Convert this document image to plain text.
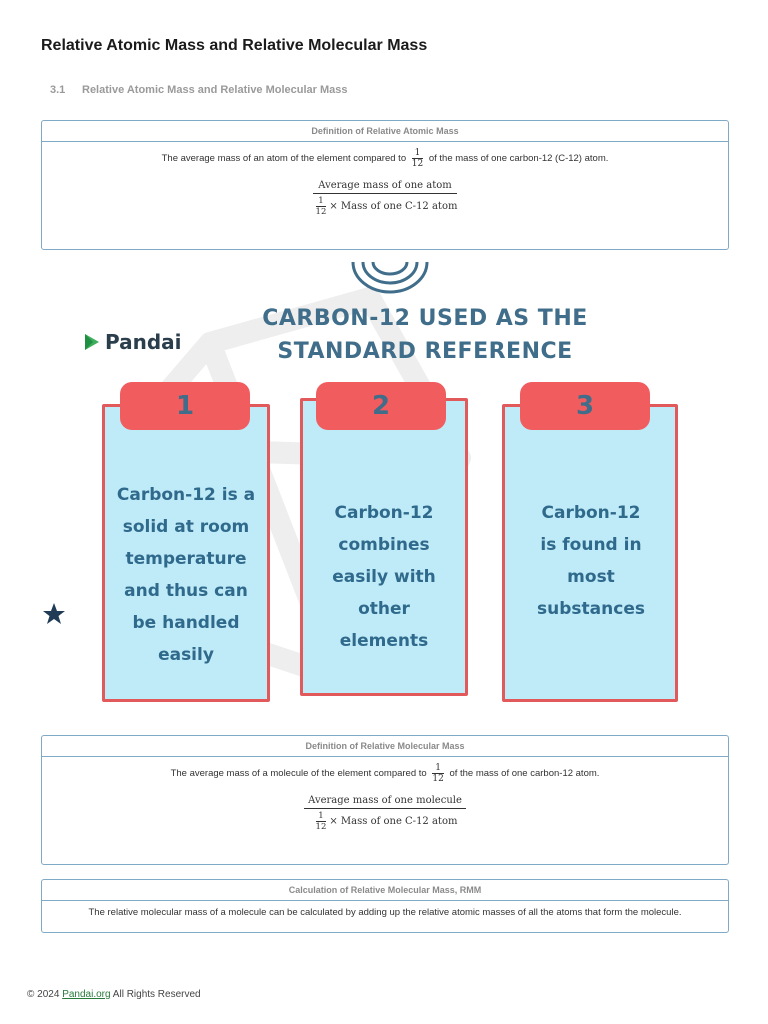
Relative Atomic Mass and Relative Molecular Mass
3.1 Relative Atomic Mass and Relative Molecular Mass
Definition of Relative Atomic Mass
The average mass of an atom of the element compared to $\frac{1}{12}$ of the mass of one carbon-12 (C-12) atom.
$\frac{\text{Average mass of one atom}}{\frac{1}{12} \times Mass of one C-12 atom}$
CARBON-12 USED AS THE STANDARD REFERENCE
Pandai
Carbon-12 is a solid at room temperature and thus can be handled easily
1
Carbon-12 combines easily with other elements
2
Carbon-12 is found in most substances
3
Definition of Relative Molecular Mass
The average mass of a molecule of the element compared to $\frac{1}{12}$ of the mass of one carbon-12 atom.
$\frac{\text{Average mass of one molecule}}{\frac{1}{12} \times Mass of one C-12 atom}$
Calculation of Relative Molecular Mass, RMM
The relative molecular mass of a molecule can be calculated by adding up the relative atomic masses of all the atoms that form the molecule.
© 2024 Pandai.org All Rights Reserved
